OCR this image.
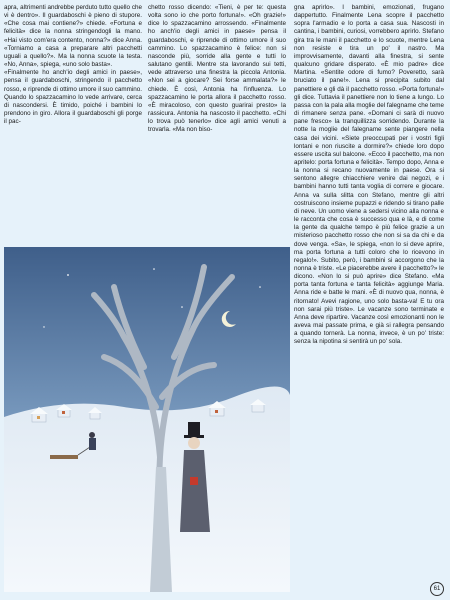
apra, altrimenti andrebbe perduto tutto quello che vi è dentro». Il guardaboschi è pieno di stupore. «Che cosa mai contiene?» chiede. «Fortuna e felicità» dice la nonna stringendogli la mano. «Hai visto com'era contento, nonna?» dice Anna. «Torniamo a casa a preparare altri pacchetti uguali a quello?». Ma la nonna scuote la testa. «No, Anna», spiega, «uno solo basta».

«Finalmente ho anch'io degli amici in paese», pensa il guardaboschi, stringendo il pacchetto rosso, e riprende di ottimo umore il suo cammino. Quando lo spazzacamino lo vede arrivare, cerca di nascondersi. È timido, poiché i bambini lo prendono in giro. Allora il guardaboschi gli porge il pac-

chetto rosso dicendo: «Tieni, è per te: questa volta sono io che porto fortuna!». «Oh grazie!» dice lo spazzacamino arrossendo. «Finalmente ho anch'io degli amici in paese» pensa il guardaboschi, e riprende di ottimo umore il suo cammino. Lo spazzacamino è felice: non si nasconde più, sorride alla gente e tutti lo salutano gentili. Mentre sta lavorando sui tetti, vede attraverso una finestra la piccola Antonia. «Non sei a giocare? Sei forse ammalata?» le chiede. È così, Antonia ha l'influenza. Lo spazzacamino le porta allora il pacchetto rosso. «È miracoloso, con questo guarirai presto» la rassicura. Antonia ha nascosto il pacchetto. «Chi lo trova può tenerlo» dice agli amici venuti a trovarla. «Ma non biso-

gna aprirlo». I bambini, emozionati, frugano dappertutto. Finalmente Lena scopre il pacchetto sopra l'armadio e lo porta a casa sua. Nascosti in cantina, i bambini, curiosi, vorrebbero aprirlo. Stefano gira tra le mani il pacchetto e lo scuote, mentre Lena non resiste e tira un po' il nastro. Ma improvvisamente, davanti alla finestra, si sente qualcuno gridare disperato. «È mio padre» dice Martina. «Sentite odore di fumo? Poveretto, sarà bruciato il pane!». Lena si precipita subito dal panettiere e gli dà il pacchetto rosso. «Porta fortuna!» gli dice. Tuttavia il panettiere non lo tiene a lungo. Lo passa con la pala alla moglie del falegname che teme di rimanere senza pane. «Domani ci sarà di nuovo pane fresco» la tranquillizza sorridendo. Durante la notte la moglie del falegname sente piangere nella casa dei vicini. «Siete preoccupati per i vostri figli lontani e non riuscite a dormire?» chiede loro dopo essere uscita sul balcone. «Ecco il pacchetto, ma non apritelo: porta fortuna e felicità». Tempo dopo, Anna e la nonna si recano nuovamente in paese. Ora si sentono allegre chiacchiere venire dai negozi, e i bambini hanno tutti tanta voglia di correre e giocare. Anna va sulla slitta con Stefano, mentre gli altri costruiscono insieme pupazzi e ridendo si tirano palle di neve. Un uomo viene a sedersi vicino alla nonna e le racconta che cosa è successo qua e là, e di come la gente da qualche tempo è più felice grazie a un misterioso pacchetto rosso che non si sa da chi e da dove venga. «Sa», le spiega, «non lo si deve aprire, ma porta fortuna a tutti coloro che lo ricevono in regalo!». Subito, però, i bambini si accorgono che la nonna è triste. «Le piacerebbe avere il pacchetto?» le dicono. «Non lo si può aprire» dice Stefano. «Ma porta tanta fortuna e tanta felicità» aggiunge Maria. Anna ride e batte le mani. «È di nuovo qua, nonna, è ritornato! Avevi ragione, uno solo basta-va! E tu ora non sarai più triste». Le vacanze sono terminate e Anna deve ripartire. Vacanze così emozionanti non le aveva mai passate prima, e già si rallegra pensando a quando tornerà. La nonna, invece, è un po' triste: senza la nipotina si sentirà un po' sola.

61
